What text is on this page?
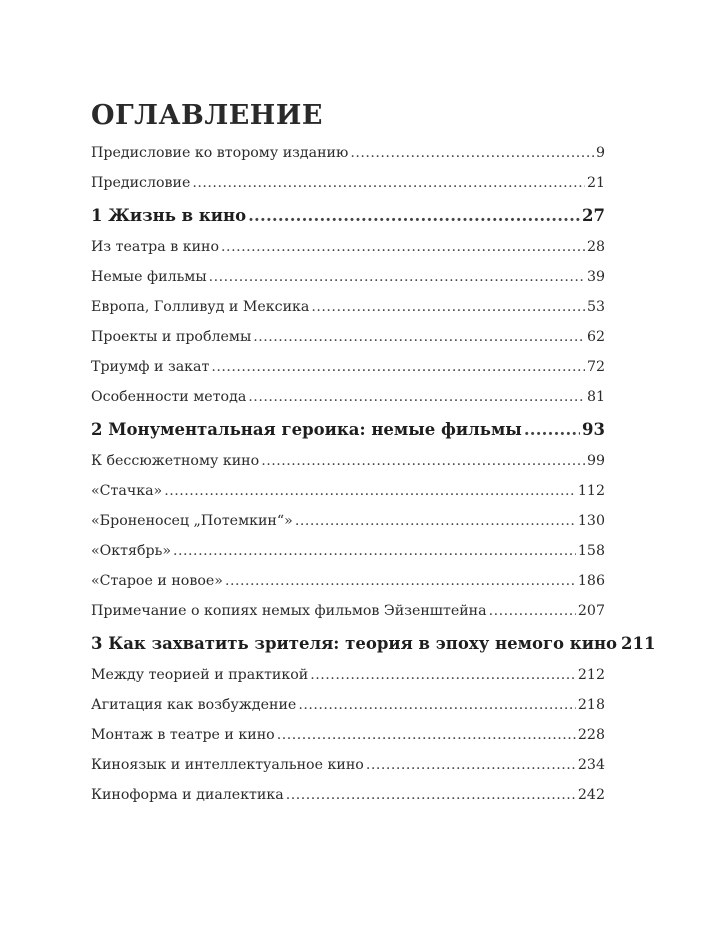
ОГЛАВЛЕНИЕ
Предисловие ко второму изданию .....	9
Предисловие .....	21
1 Жизнь в кино .....	27
Из театра в кино .....	28
Немые фильмы .....	39
Европа, Голливуд и Мексика .....	53
Проекты и проблемы .....	62
Триумф и закат .....	72
Особенности метода .....	81
2 Монументальная героика: немые фильмы .....	93
К бессюжетному кино .....	99
«Стачка» .....	112
«Броненосец „Потемкин“» .....	130
«Октябрь» .....	158
«Старое и новое» .....	186
Примечание о копиях немых фильмов Эйзенштейна .....	207
3 Как захватить зрителя: теория в эпоху немого кино 211
Между теорией и практикой .....	212
Агитация как возбуждение .....	218
Монтаж в театре и кино .....	228
Киноязык и интеллектуальное кино .....	234
Киноформа и диалектика .....	242
